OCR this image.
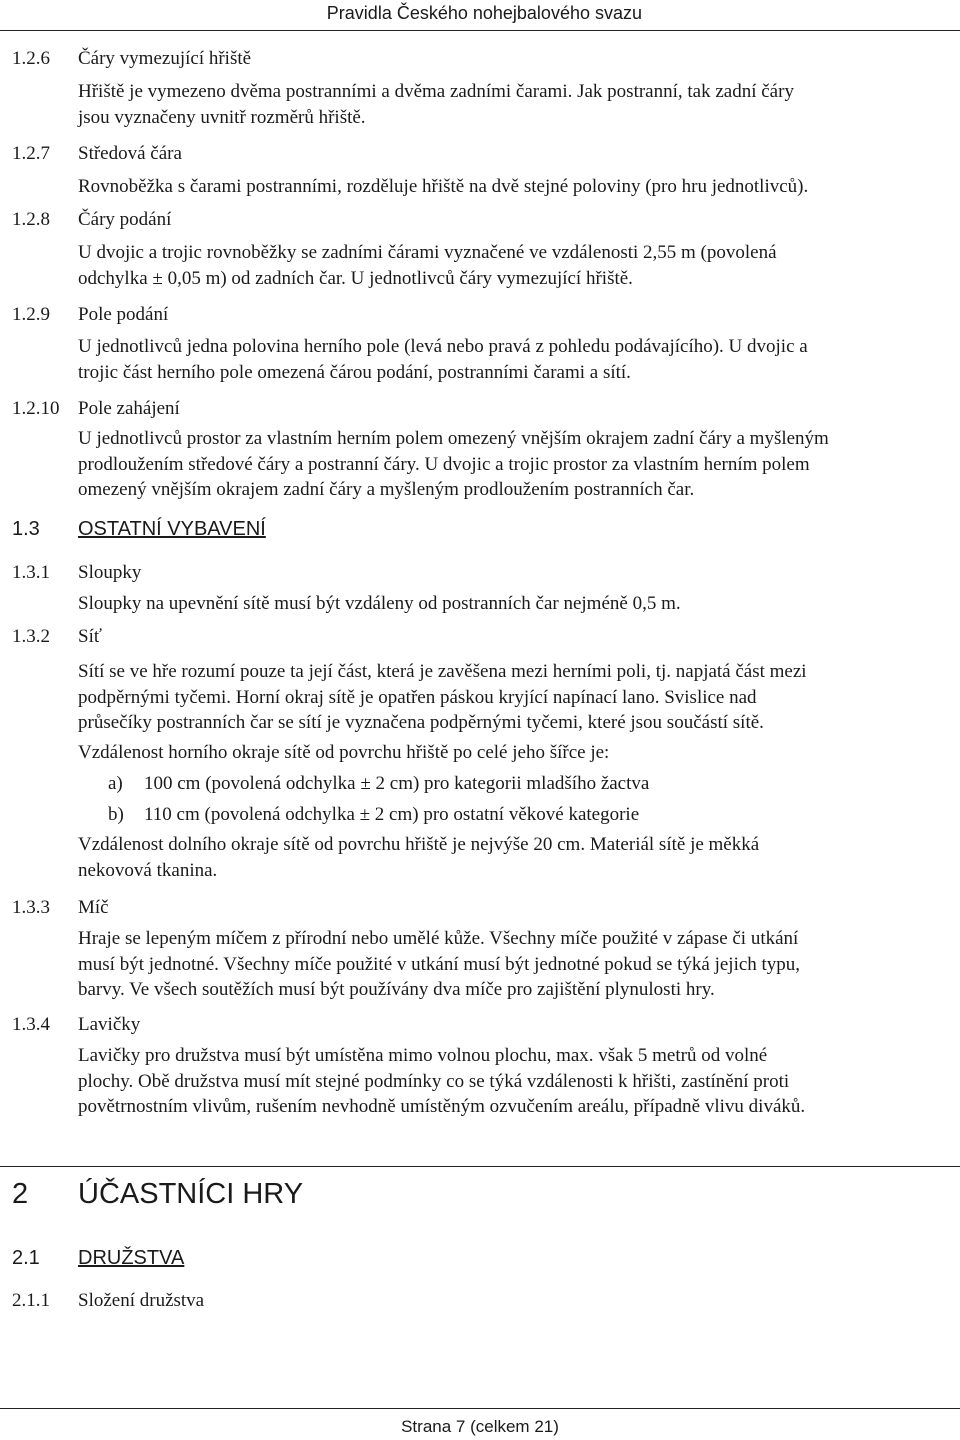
Pravidla Českého nohejbalového svazu
1.2.6 Čáry vymezující hřiště

Hřiště je vymezeno dvěma postranními a dvěma zadními čarami. Jak postranní, tak zadní čáry

jsou vyznačeny uvnitř rozměrů hřiště.

1.2.7 Středová čára

Rovnoběžka s čarami postranními, rozděluje hřiště na dvě stejné poloviny (pro hru jednotlivců).

1.2.8 Čáry podání

U dvojic a trojic rovnoběžky se zadními čárami vyznačené ve vzdálenosti 2,55 m (povolená

odchylka ± 0,05 m) od zadních čar. U jednotlivců čáry vymezující hřiště.

1.2.9 Pole podání

U jednotlivců jedna polovina herního pole (levá nebo pravá z pohledu podávajícího). U dvojic a

trojic část herního pole omezená čárou podání, postranními čarami a sítí.

1.2.10 Pole zahájení

U jednotlivců prostor za vlastním herním polem omezený vnějším okrajem zadní čáry a myšleným

prodloužením středové čáry a postranní čáry. U dvojic a trojic prostor za vlastním herním polem

omezený vnějším okrajem zadní čáry a myšleným prodloužením postranních čar.

1.3 OSTATNÍ VYBAVENÍ
1.3.1 Sloupky

Sloupky na upevnění sítě musí být vzdáleny od postranních čar nejméně 0,5 m.

1.3.2 Síť

Sítí se ve hře rozumí pouze ta její část, která je zavěšena mezi herními poli, tj. napjatá část mezi

podpěrnými tyčemi. Horní okraj sítě je opatřen páskou kryjící napínací lano. Svislice nad

průsečíky postranních čar se sítí je vyznačena podpěrnými tyčemi, které jsou součástí sítě.

Vzdálenost horního okraje sítě od povrchu hřiště po celé jeho šířce je:

a) 100 cm (povolená odchylka ± 2 cm) pro kategorii mladšího žactva
b) 110 cm (povolená odchylka ± 2 cm) pro ostatní věkové kategorie

Vzdálenost dolního okraje sítě od povrchu hřiště je nejvýše 20 cm. Materiál sítě je měkká

nekovová tkanina.

1.3.3 Míč

Hraje se lepeným míčem z přírodní nebo umělé kůže. Všechny míče použité v zápase či utkání

musí být jednotné. Všechny míče použité v utkání musí být jednotné pokud se týká jejich typu,

barvy. Ve všech soutěžích musí být používány dva míče pro zajištění plynulosti hry.

1.3.4 Lavičky

Lavičky pro družstva musí být umístěna mimo volnou plochu, max. však 5 metrů od volné

plochy. Obě družstva musí mít stejné podmínky co se týká vzdálenosti k hřišti, zastínění proti

povětrnostním vlivům, rušením nevhodně umístěným ozvučením areálu, případně vlivu diváků.

2 ÚČASTNÍCI HRY
2.1 DRUŽSTVA
2.1.1 Složení družstva
Strana 7 (celkem 21)
